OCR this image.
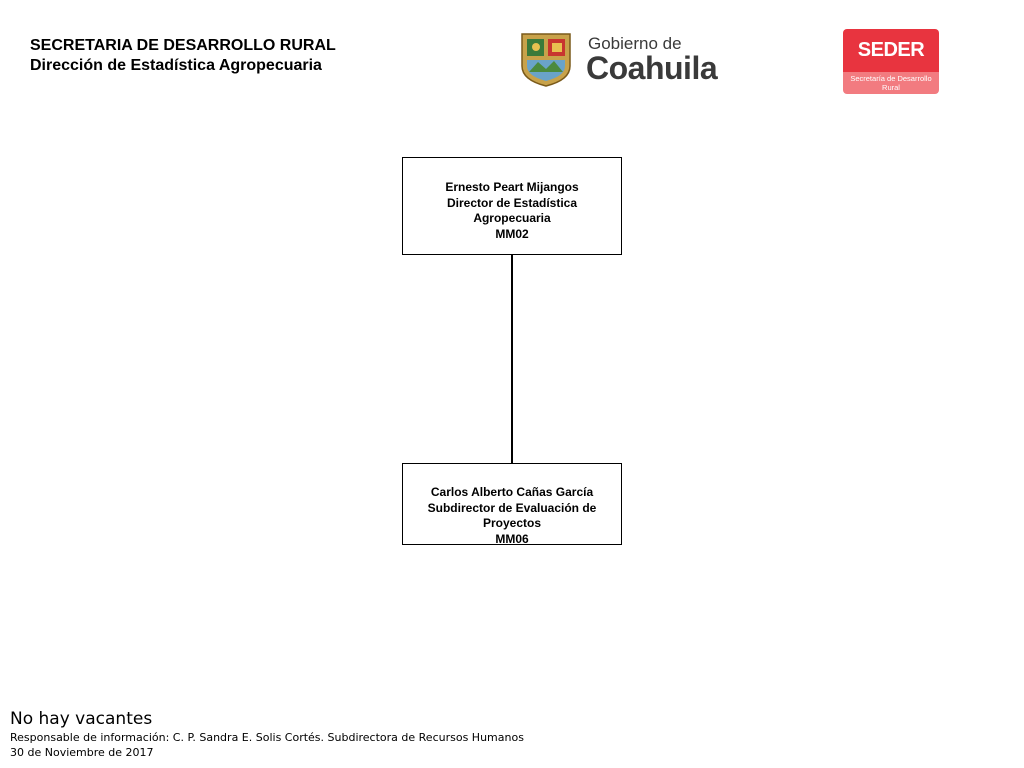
SECRETARIA DE DESARROLLO RURAL
Dirección de Estadística Agropecuaria
Gobierno de
Coahuila	SEDER
Secretaría de Desarrollo Rural
Ernesto Peart Mijangos
Director de Estadística
Agropecuaria
MM02
Carlos Alberto Cañas García
Subdirector de Evaluación de
Proyectos
MM06
No hay vacantes
Responsable de información: C. P. Sandra E. Solis Cortés. Subdirectora de Recursos Humanos
30 de Noviembre de 2017
